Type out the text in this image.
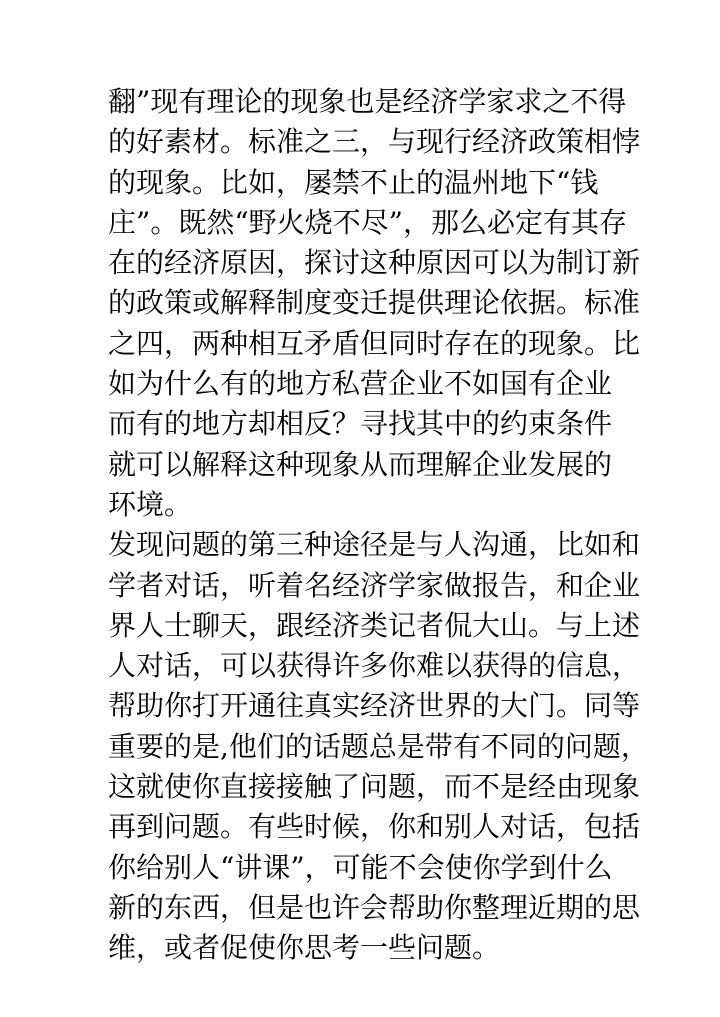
翻”现有理论的现象也是经济学家求之不得
的好素材。标准之三，与现行经济政策相悖
的现象。比如，屡禁不止的温州地下“钱
庄”。既然“野火烧不尽”，那么必定有其存
在的经济原因，探讨这种原因可以为制订新
的政策或解释制度变迁提供理论依据。标准
之四，两种相互矛盾但同时存在的现象。比
如为什么有的地方私营企业不如国有企业
而有的地方却相反？寻找其中的约束条件
就可以解释这种现象从而理解企业发展的
环境。
发现问题的第三种途径是与人沟通，比如和
学者对话，听着名经济学家做报告，和企业
界人士聊天，跟经济类记者侃大山。与上述
人对话，可以获得许多你难以获得的信息，
帮助你打开通往真实经济世界的大门。同等
重要的是,他们的话题总是带有不同的问题，
这就使你直接接触了问题，而不是经由现象
再到问题。有些时候，你和别人对话，包括
你给别人“讲课”，可能不会使你学到什么
新的东西，但是也许会帮助你整理近期的思
维，或者促使你思考一些问题。
